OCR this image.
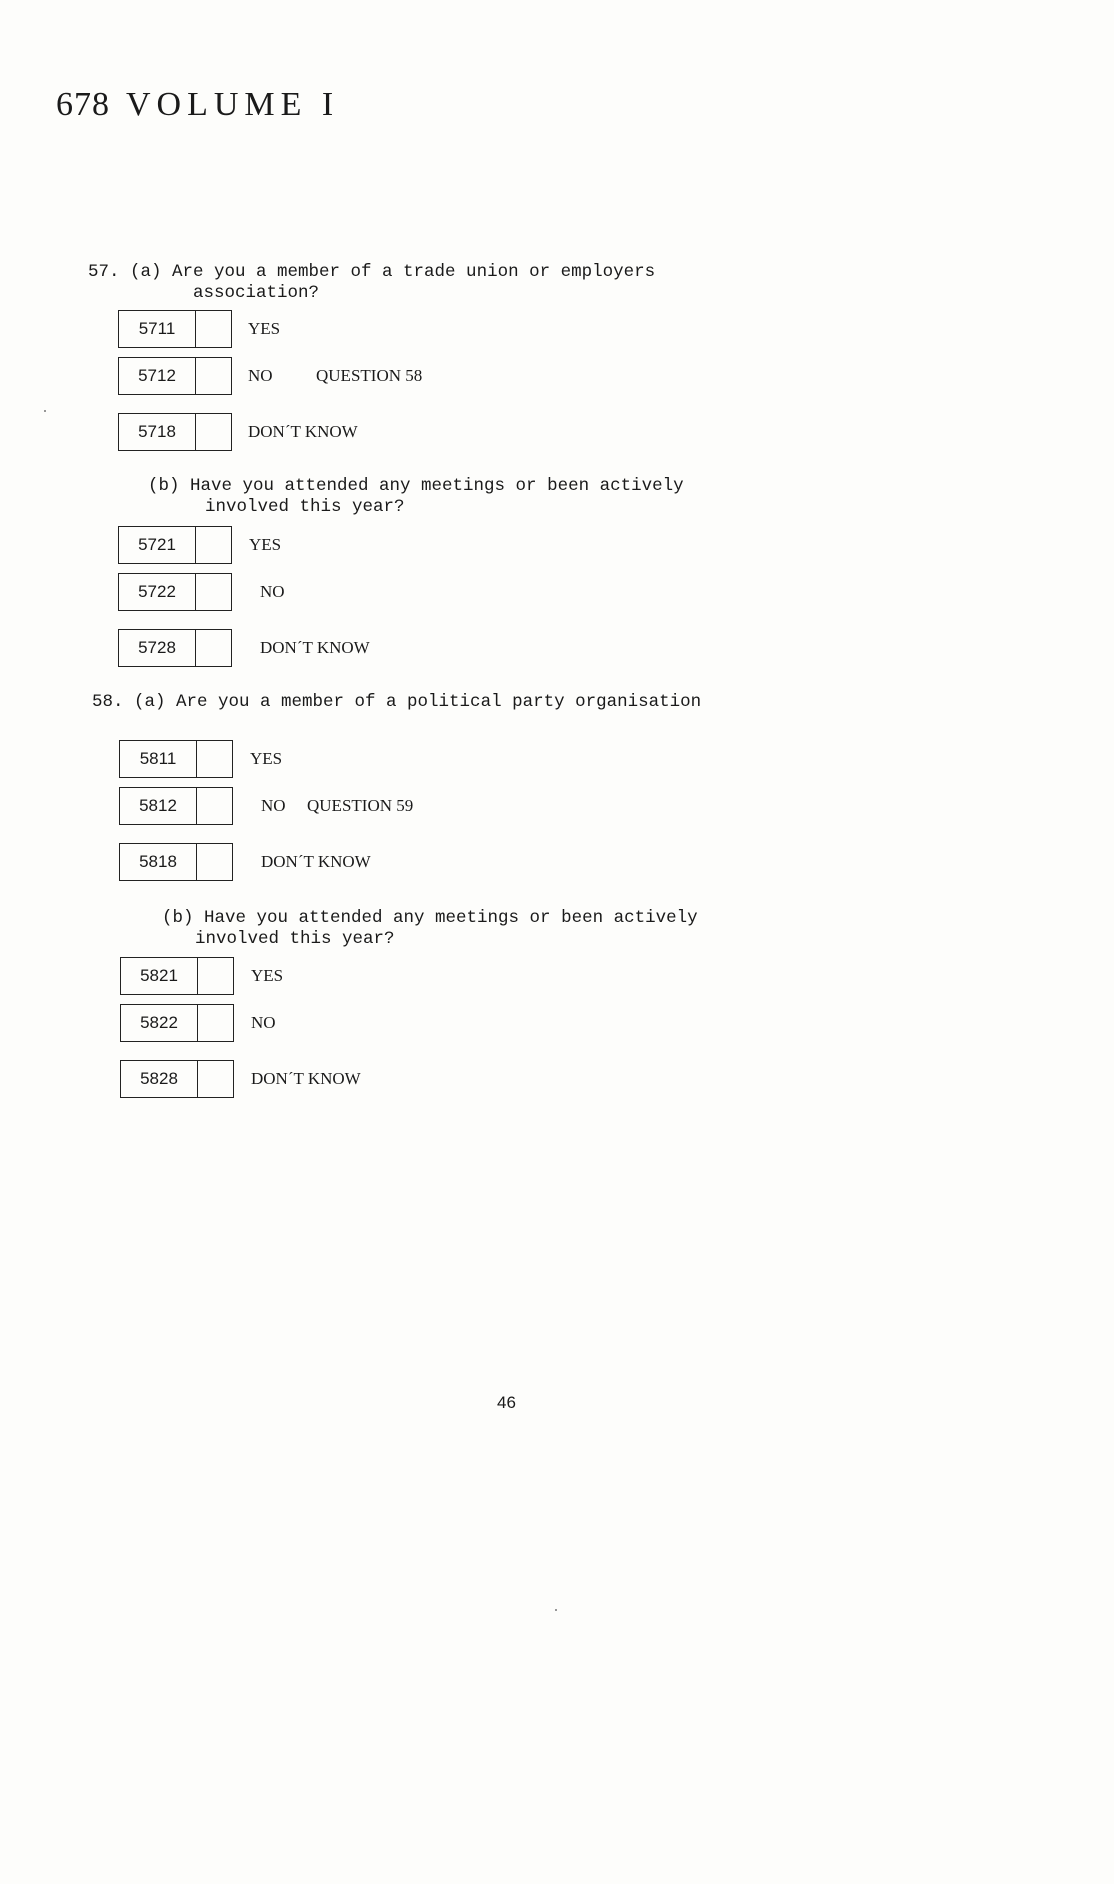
678 VOLUME I
57. (a) Are you a member of a trade union or employers
association?
5711	YES
5712	NO	QUESTION 58
5718	DON´T KNOW
(b) Have you attended any meetings or been actively
involved this year?
5721	YES
5722	NO
5728	DON´T KNOW
58. (a) Are you a member of a political party organisation
5811	YES
5812	NO QUESTION 59
5818	DON´T KNOW
(b) Have you attended any meetings or been actively
involved this year?
5821	YES
5822	NO
5828	DON´T KNOW
46
